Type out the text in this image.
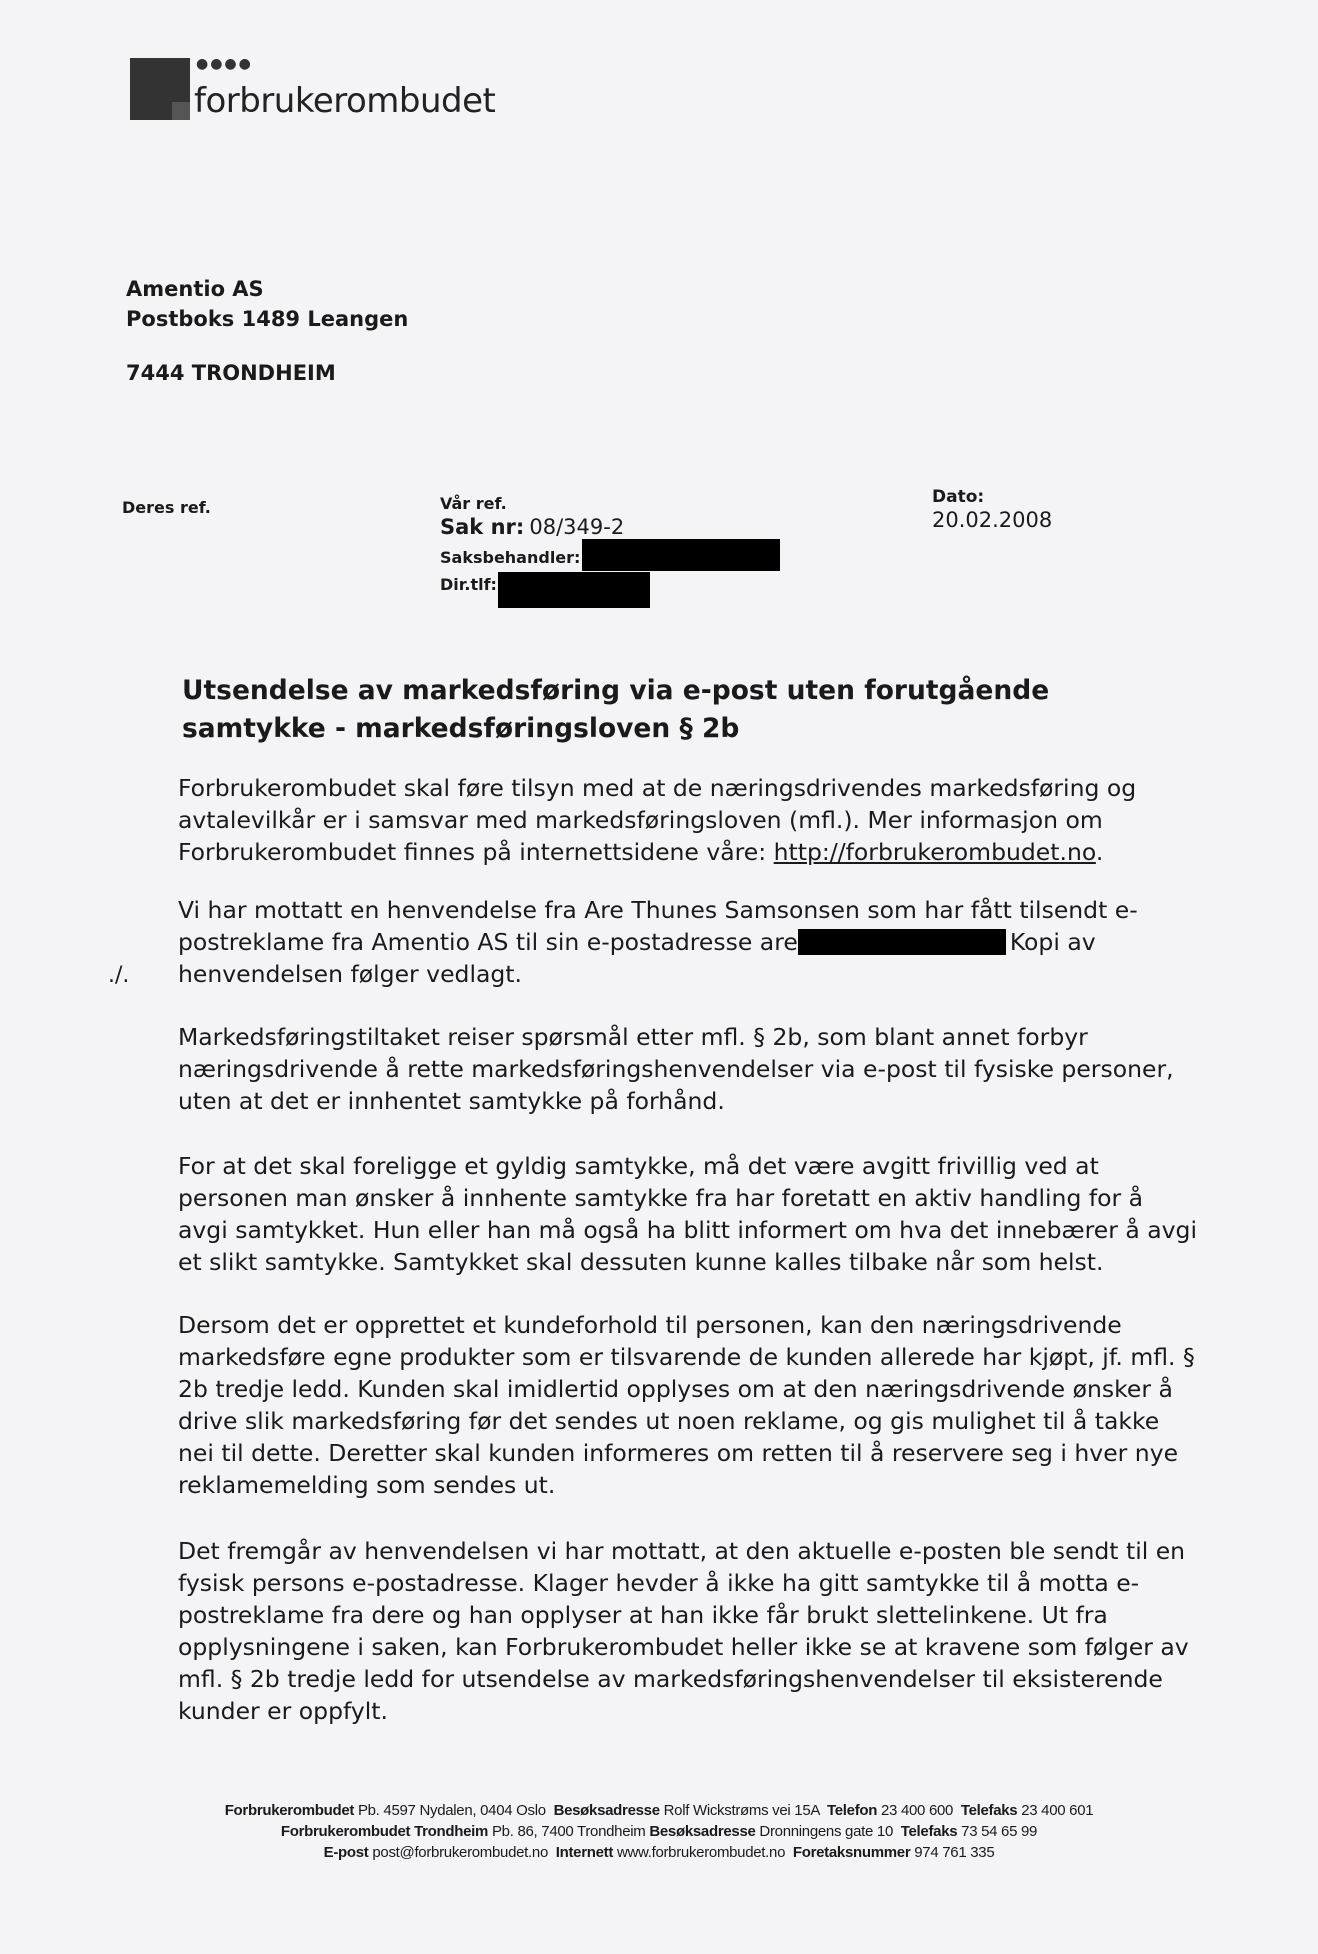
●●●●
forbrukerombudet
Amentio AS
Postboks 1489 Leangen
7444 TRONDHEIM
Deres ref.	Vår ref.
Sak nr: 08/349-2
Saksbehandler:
Dir.tlf:
Dato:
20.02.2008
Utsendelse av markedsføring via e-post uten forutgående samtykke - markedsføringsloven § 2b

Forbrukerombudet skal føre tilsyn med at de næringsdrivendes markedsføring og avtalevilkår er i samsvar med markedsføringsloven (mfl.). Mer informasjon om Forbrukerombudet finnes på internettsidene våre: http://forbrukerombudet.no.

Vi har mottatt en henvendelse fra Are Thunes Samsonsen som har fått tilsendt e-postreklame fra Amentio AS til sin e-postadresse are	Kopi av henvendelsen følger vedlagt.

./.

Markedsføringstiltaket reiser spørsmål etter mfl. § 2b, som blant annet forbyr næringsdrivende å rette markedsføringshenvendelser via e-post til fysiske personer, uten at det er innhentet samtykke på forhånd.

For at det skal foreligge et gyldig samtykke, må det være avgitt frivillig ved at personen man ønsker å innhente samtykke fra har foretatt en aktiv handling for å avgi samtykket. Hun eller han må også ha blitt informert om hva det innebærer å avgi et slikt samtykke. Samtykket skal dessuten kunne kalles tilbake når som helst.

Dersom det er opprettet et kundeforhold til personen, kan den næringsdrivende markedsføre egne produkter som er tilsvarende de kunden allerede har kjøpt, jf. mfl. § 2b tredje ledd. Kunden skal imidlertid opplyses om at den næringsdrivende ønsker å drive slik markedsføring før det sendes ut noen reklame, og gis mulighet til å takke nei til dette. Deretter skal kunden informeres om retten til å reservere seg i hver nye reklamemelding som sendes ut.

Det fremgår av henvendelsen vi har mottatt, at den aktuelle e-posten ble sendt til en fysisk persons e-postadresse. Klager hevder å ikke ha gitt samtykke til å motta e-postreklame fra dere og han opplyser at han ikke får brukt slettelinkene. Ut fra opplysningene i saken, kan Forbrukerombudet heller ikke se at kravene som følger av mfl. § 2b tredje ledd for utsendelse av markedsføringshenvendelser til eksisterende kunder er oppfylt.

Forbrukerombudet Pb. 4597 Nydalen, 0404 Oslo Besøksadresse Rolf Wickstrøms vei 15A Telefon 23 400 600 Telefaks 23 400 601
Forbrukerombudet Trondheim Pb. 86, 7400 Trondheim Besøksadresse Dronningens gate 10 Telefaks 73 54 65 99
E-post post@forbrukerombudet.no Internett www.forbrukerombudet.no Foretaksnummer 974 761 335
